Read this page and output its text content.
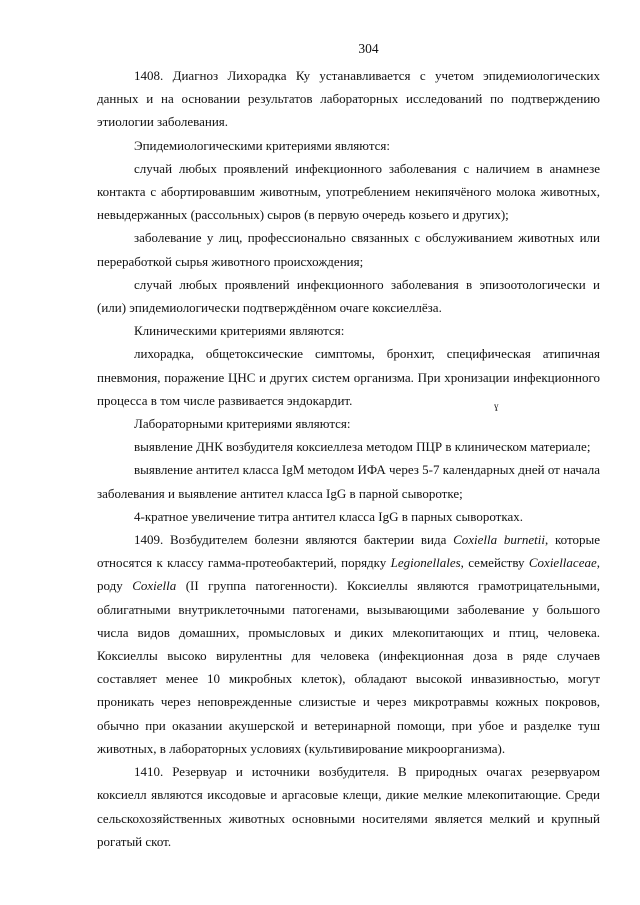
304

1408. Диагноз Лихорадка Ку устанавливается с учетом эпидемиологических данных и на основании результатов лабораторных исследований по подтверждению этиологии заболевания.

Эпидемиологическими критериями являются:

случай любых проявлений инфекционного заболевания с наличием в анамнезе контакта с абортировавшим животным, употреблением некипячёного молока животных, невыдержанных (рассольных) сыров (в первую очередь козьего и других);

заболевание у лиц, профессионально связанных с обслуживанием животных или переработкой сырья животного происхождения;

случай любых проявлений инфекционного заболевания в эпизоотологически и (или) эпидемиологически подтверждённом очаге коксиеллёза.

Клиническими критериями являются:

лихорадка, общетоксические симптомы, бронхит, специфическая атипичная пневмония, поражение ЦНС и других систем организма. При хронизации инфекционного процесса в том числе развивается эндокардит.

Лабораторными критериями являются:

выявление ДНК возбудителя коксиеллеза методом ПЦР в клиническом материале;

выявление антител класса IgM методом ИФА через 5-7 календарных дней от начала заболевания и выявление антител класса IgG в парной сыворотке;

4-кратное увеличение титра антител класса IgG в парных сыворотках.

1409. Возбудителем болезни являются бактерии вида Coxiella burnetii, которые относятся к классу гамма-протеобактерий, порядку Legionellales, семейству Coxiellaceae, роду Coxiella (II группа патогенности). Коксиеллы являются грамотрицательными, облигатными внутриклеточными патогенами, вызывающими заболевание у большого числа видов домашних, промысловых и диких млекопитающих и птиц, человека. Коксиеллы высоко вирулентны для человека (инфекционная доза в ряде случаев составляет менее 10 микробных клеток), обладают высокой инвазивностью, могут проникать через неповрежденные слизистые и через микротравмы кожных покровов, обычно при оказании акушерской и ветеринарной помощи, при убое и разделке туш животных, в лабораторных условиях (культивирование микроорганизма).

1410. Резервуар и источники возбудителя. В природных очагах резервуаром коксиелл являются иксодовые и аргасовые клещи, дикие мелкие млекопитающие. Среди сельскохозяйственных животных основными носителями является мелкий и крупный рогатый скот.

ɣ
